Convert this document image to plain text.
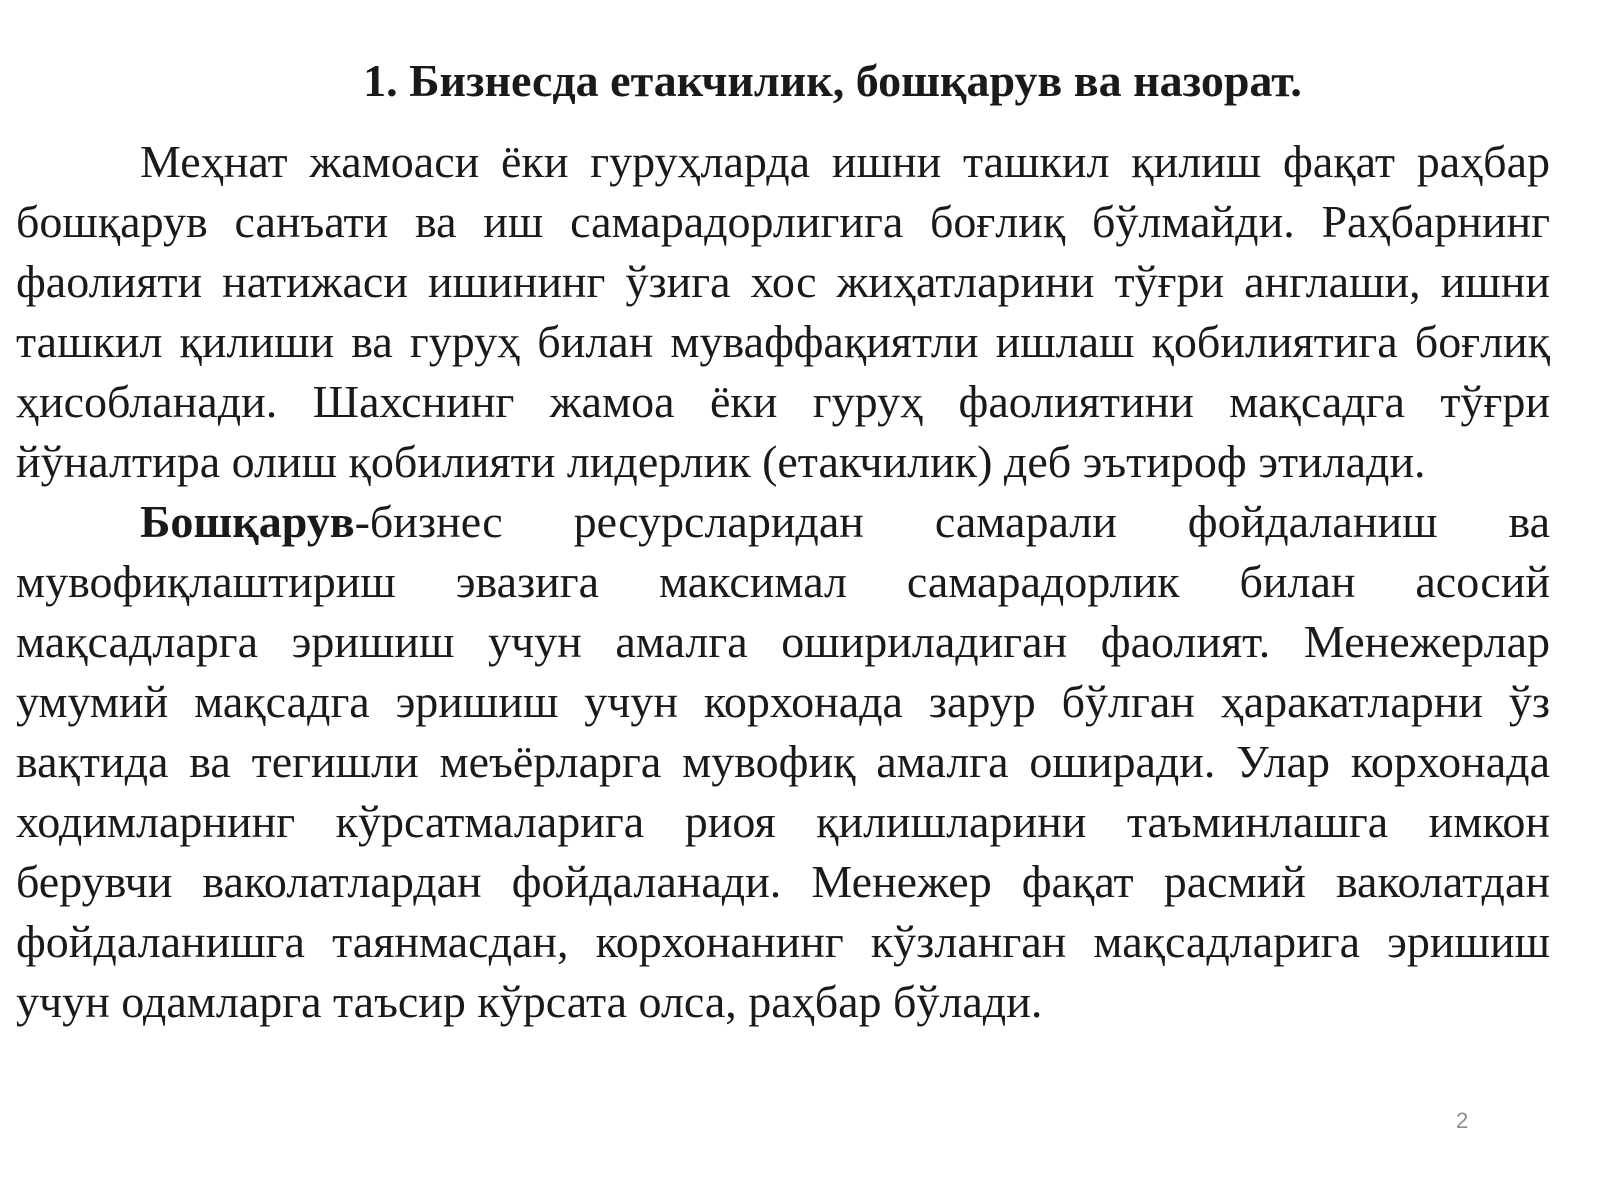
1. Бизнесда етакчилик, бошқарув ва назорат.

Меҳнат жамоаси ёки гуруҳларда ишни ташкил қилиш фақат раҳбар бошқарув санъати ва иш самарадорлигига боғлиқ бўлмайди. Раҳбарнинг фаолияти натижаси ишининг ўзига хос жиҳатларини тўғри англаши, ишни ташкил қилиши ва гуруҳ билан муваффақиятли ишлаш қобилиятига боғлиқ ҳисобланади. Шахснинг жамоа ёки гуруҳ фаолиятини мақсадга тўғри йўналтира олиш қобилияти лидерлик (етакчилик) деб эътироф этилади.

Бошқарув-бизнес ресурсларидан самарали фойдаланиш ва мувофиқлаштириш эвазига максимал самарадорлик билан асосий мақсадларга эришиш учун амалга ошириладиган фаолият. Менежерлар умумий мақсадга эришиш учун корхонада зарур бўлган ҳаракатларни ўз вақтида ва тегишли меъёрларга мувофиқ амалга оширади. Улар корхонада ходимларнинг кўрсатмаларига риоя қилишларини таъминлашга имкон берувчи ваколатлардан фойдаланади. Менежер фақат расмий ваколатдан фойдаланишга таянмасдан, корхонанинг кўзланган мақсадларига эришиш учун одамларга таъсир кўрсата олса, раҳбар бўлади.

2
